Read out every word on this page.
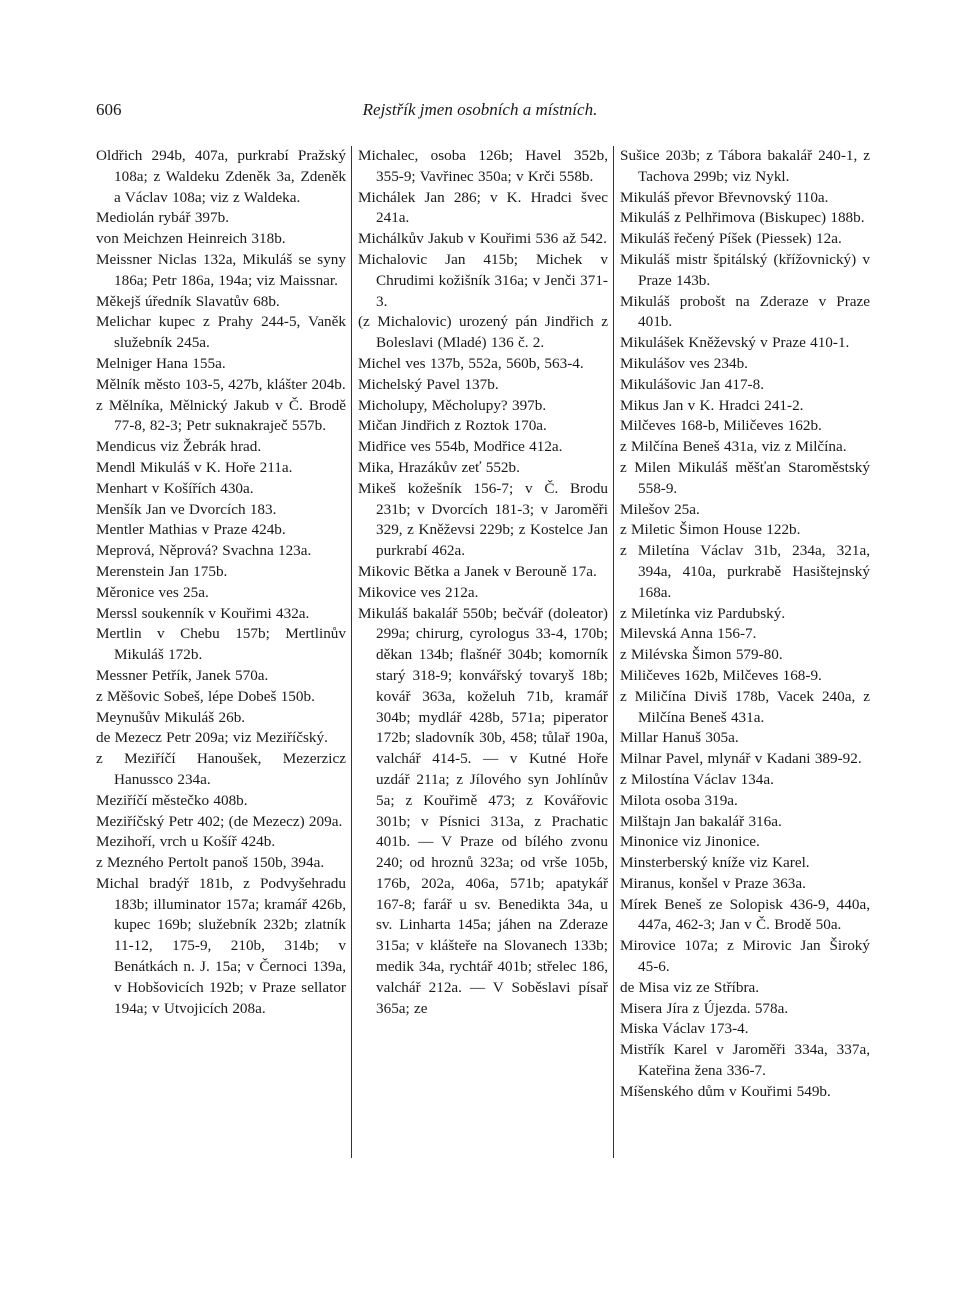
606	Rejstřík jmen osobních a místních.

Oldřich 294b, 407a, purkrabí Pražský 108a; z Waldeku Zdeněk 3a, Zdeněk a Václav 108a; viz z Waldeka.

Mediolán rybář 397b.

von Meichzen Heinreich 318b.

Meissner Niclas 132a, Mikuláš se syny 186a; Petr 186a, 194a; viz Maissnar.

Měkejš úředník Slavatův 68b.

Melichar kupec z Prahy 244-5, Vaněk služebník 245a.

Melniger Hana 155a.

Mělník město 103-5, 427b, klášter 204b.

z Mělníka, Mělnický Jakub v Č. Brodě 77-8, 82-3; Petr suknakraječ 557b.

Mendicus viz Žebrák hrad.

Mendl Mikuláš v K. Hoře 211a.

Menhart v Košířích 430a.

Menšík Jan ve Dvorcích 183.

Mentler Mathias v Praze 424b.

Meprová, Něprová? Svachna 123a.

Merenstein Jan 175b.

Měronice ves 25a.

Merssl soukenník v Kouřimi 432a.

Mertlin v Chebu 157b; Mertlinův Mikuláš 172b.

Messner Petřík, Janek 570a.

z Měšovic Sobeš, lépe Dobeš 150b.

Meynušův Mikuláš 26b.

de Mezecz Petr 209a; viz Meziříčský.

z Meziříčí Hanoušek, Mezerzicz Hanussco 234a.

Meziříčí městečko 408b.

Meziříčský Petr 402; (de Mezecz) 209a.

Mezihoří, vrch u Košíř 424b.

z Mezného Pertolt panoš 150b, 394a.

Michal bradýř 181b, z Podvyšehradu 183b; illuminator 157a; kramář 426b, kupec 169b; služebník 232b; zlatník 11-12, 175-9, 210b, 314b; v Benátkách n. J. 15a; v Černoci 139a, v Hobšovicích 192b; v Praze sellator 194a; v Utvojicích 208a.

Michalec, osoba 126b; Havel 352b, 355-9; Vavřinec 350a; v Krči 558b.

Michálek Jan 286; v K. Hradci švec 241a.

Michálkův Jakub v Kouřimi 536 až 542.

Michalovic Jan 415b; Michek v Chrudimi kožišník 316a; v Jenči 371-3.

(z Michalovic) urozený pán Jindřich z Boleslavi (Mladé) 136 č. 2.

Michel ves 137b, 552a, 560b, 563-4.

Michelský Pavel 137b.

Micholupy, Měcholupy? 397b.

Mičan Jindřich z Roztok 170a.

Midřice ves 554b, Modřice 412a.

Mika, Hrazákův zeť 552b.

Mikeš kožešník 156-7; v Č. Brodu 231b; v Dvorcích 181-3; v Jaroměři 329, z Kněževsi 229b; z Kostelce Jan purkrabí 462a.

Mikovic Bětka a Janek v Berouně 17a.

Mikovice ves 212a.

Mikuláš bakalář 550b; bečvář (doleator) 299a; chirurg, cyrologus 33-4, 170b; děkan 134b; flašnéř 304b; komorník starý 318-9; konvářský tovaryš 18b; kovář 363a, koželuh 71b, kramář 304b; mydlář 428b, 571a; piperator 172b; sladovník 30b, 458; tůlař 190a, valchář 414-5. — v Kutné Hoře uzdář 211a; z Jílového syn Johlínův 5a; z Kouřimě 473; z Kovářovic 301b; v Písnici 313a, z Prachatic 401b. — V Praze od bílého zvonu 240; od hroznů 323a; od vrše 105b, 176b, 202a, 406a, 571b; apatykář 167-8; farář u sv. Benedikta 34a, u sv. Linharta 145a; jáhen na Zderaze 315a; v klášteře na Slovanech 133b; medik 34a, rychtář 401b; střelec 186, valchář 212a. — V Soběslavi písař 365a; ze

Sušice 203b; z Tábora bakalář 240-1, z Tachova 299b; viz Nykl.

Mikuláš převor Břevnovský 110a.

Mikuláš z Pelhřimova (Biskupec) 188b.

Mikuláš řečený Píšek (Piessek) 12a.

Mikuláš mistr špitálský (křížovnický) v Praze 143b.

Mikuláš probošt na Zderaze v Praze 401b.

Mikulášek Kněževský v Praze 410-1.

Mikulášov ves 234b.

Mikulášovic Jan 417-8.

Mikus Jan v K. Hradci 241-2.

Milčeves 168-b, Miličeves 162b.

z Milčína Beneš 431a, viz z Milčína.

z Milen Mikuláš měšťan Staroměstský 558-9.

Milešov 25a.

z Miletic Šimon House 122b.

z Miletína Václav 31b, 234a, 321a, 394a, 410a, purkrabě Hasištejnský 168a.

z Miletínka viz Pardubský.

Milevská Anna 156-7.

z Milévska Šimon 579-80.

Miličeves 162b, Milčeves 168-9.

z Miličína Diviš 178b, Vacek 240a, z Milčína Beneš 431a.

Millar Hanuš 305a.

Milnar Pavel, mlynář v Kadani 389-92.

z Milostína Václav 134a.

Milota osoba 319a.

Milštajn Jan bakalář 316a.

Minonice viz Jinonice.

Minsterberský kníže viz Karel.

Miranus, konšel v Praze 363a.

Mírek Beneš ze Solopisk 436-9, 440a, 447a, 462-3; Jan v Č. Brodě 50a.

Mirovice 107a; z Mirovic Jan Široký 45-6.

de Misa viz ze Stříbra.

Misera Jíra z Újezda. 578a.

Miska Václav 173-4.

Mistřík Karel v Jaroměři 334a, 337a, Kateřina žena 336-7.

Míšenského dům v Kouřimi 549b.
